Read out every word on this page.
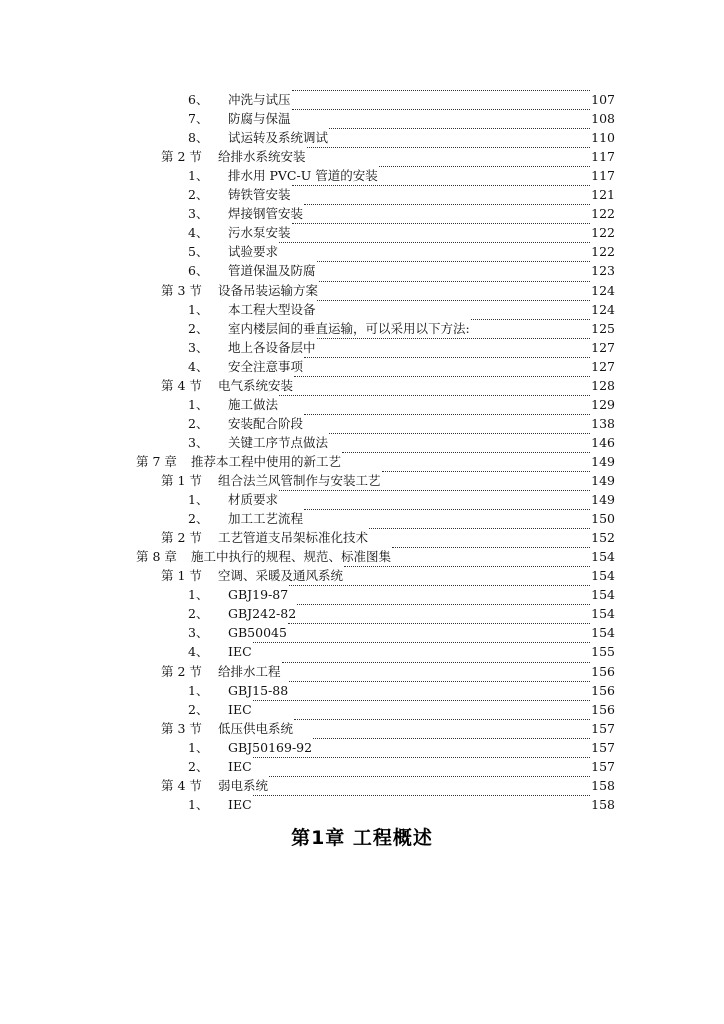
6、 冲洗与试压	107
7、 防腐与保温	108
8、 试运转及系统调试	110
第 2 节 给排水系统安装	117
1、 排水用 PVC-U 管道的安装	117
2、 铸铁管安装	121
3、 焊接钢管安装	122
4、 污水泵安装	122
5、 试验要求	122
6、 管道保温及防腐	123
第 3 节 设备吊装运输方案	124
1、 本工程大型设备	124
2、 室内楼层间的垂直运输，可以采用以下方法:	125
3、 地上各设备层中	127
4、 安全注意事项	127
第 4 节 电气系统安装	128
1、 施工做法	129
2、 安装配合阶段	138
3、 关键工序节点做法	146
第 7 章 推荐本工程中使用的新工艺	149
第 1 节 组合法兰风管制作与安装工艺	149
1、 材质要求	149
2、 加工工艺流程	150
第 2 节 工艺管道支吊架标准化技术	152
第 8 章 施工中执行的规程、规范、标准图集	154
第 1 节 空调、采暖及通风系统	154
1、 GBJ19-87	154
2、 GBJ242-82	154
3、 GB50045	154
4、 IEC	155
第 2 节 给排水工程	156
1、 GBJ15-88	156
2、 IEC	156
第 3 节 低压供电系统	157
1、 GBJ50169-92	157
2、 IEC	157
第 4 节 弱电系统	158
1、 IEC	158
第1章 工程概述
